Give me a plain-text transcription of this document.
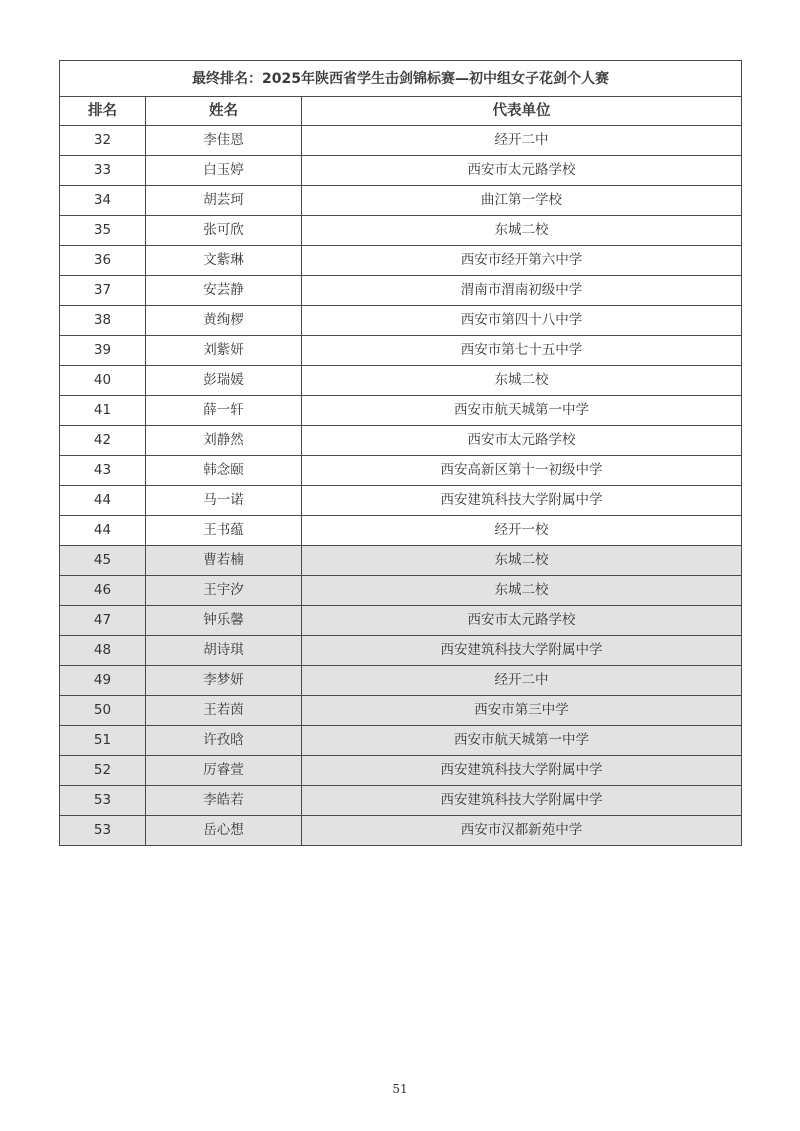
最终排名：2025年陕西省学生击剑锦标赛—初中组女子花剑个人赛		
排名	姓名	代表单位
32	李佳恩	经开二中
33	白玉婷	西安市太元路学校
34	胡芸珂	曲江第一学校
35	张可欣	东城二校
36	文紫琳	西安市经开第六中学
37	安芸静	渭南市渭南初级中学
38	黄绚椤	西安市第四十八中学
39	刘紫妍	西安市第七十五中学
40	彭瑞媛	东城二校
41	薛一轩	西安市航天城第一中学
42	刘静然	西安市太元路学校
43	韩念颐	西安高新区第十一初级中学
44	马一诺	西安建筑科技大学附属中学
44	王书蕴	经开一校
45	曹若楠	东城二校
46	王宇汐	东城二校
47	钟乐馨	西安市太元路学校
48	胡诗琪	西安建筑科技大学附属中学
49	李梦妍	经开二中
50	王若茵	西安市第三中学
51	许孜晗	西安市航天城第一中学
52	厉睿萱	西安建筑科技大学附属中学
53	李皓若	西安建筑科技大学附属中学
53	岳心想	西安市汉都新苑中学
51
